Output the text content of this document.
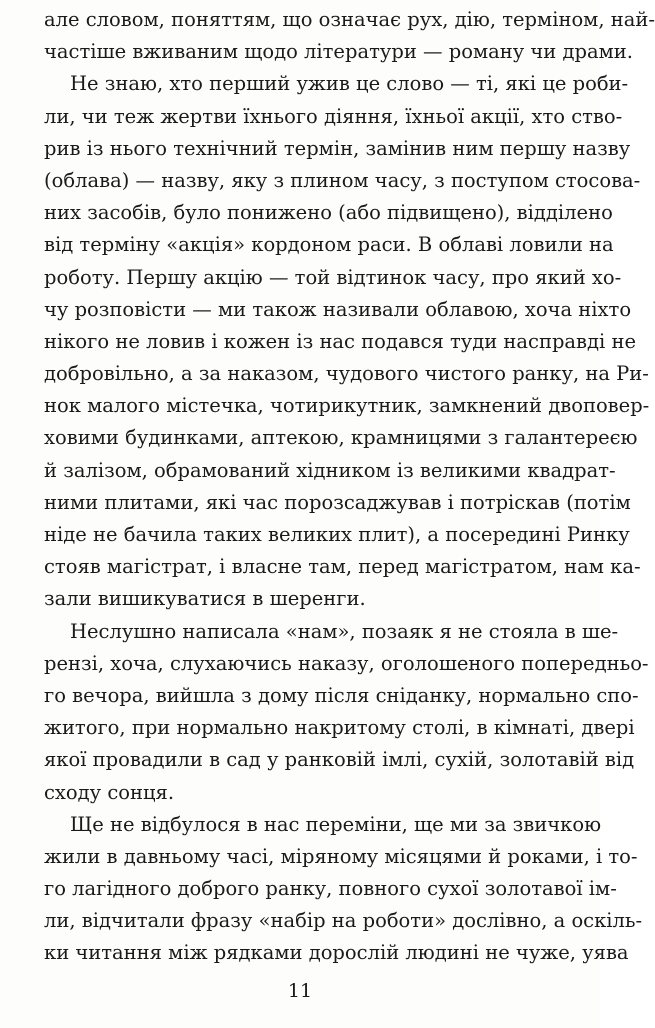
але словом, поняттям, що означає рух, дію, терміном, най-
частіше вживаним щодо літератури — роману чи драми.
Не знаю, хто перший ужив це слово — ті, які це роби-
ли, чи теж жертви їхнього діяння, їхньої акції, хто ство-
рив із нього технічний термін, замінив ним першу назву
(облава) — назву, яку з плином часу, з поступом стосова-
них засобів, було понижено (або підвищено), відділено
від терміну «акція» кордоном раси. В облаві ловили на
роботу. Першу акцію — той відтинок часу, про який хо-
чу розповісти — ми також називали облавою, хоча ніхто
нікого не ловив і кожен із нас подався туди насправді не
добровільно, а за наказом, чудового чистого ранку, на Ри-
нок малого містечка, чотирикутник, замкнений двоповер-
ховими будинками, аптекою, крамницями з галантереєю
й залізом, обрамований хідником із великими квадрат-
ними плитами, які час порозсаджував і потріскав (потім
ніде не бачила таких великих плит), а посередині Ринку
стояв магістрат, і власне там, перед магістратом, нам ка-
зали вишикуватися в шеренги.
Неслушно написала «нам», позаяк я не стояла в ше-
рензі, хоча, слухаючись наказу, оголошеного попередньо-
го вечора, вийшла з дому після сніданку, нормально спо-
житого, при нормально накритому столі, в кімнаті, двері
якої провадили в сад у ранковій імлі, сухій, золотавій від
сходу сонця.
Ще не відбулося в нас переміни, ще ми за звичкою
жили в давньому часі, міряному місяцями й роками, і то-
го лагідного доброго ранку, повного сухої золотавої ім-
ли, відчитали фразу «набір на роботи» дослівно, а оскіль-
ки читання між рядками дорослій людині не чуже, уява
11
